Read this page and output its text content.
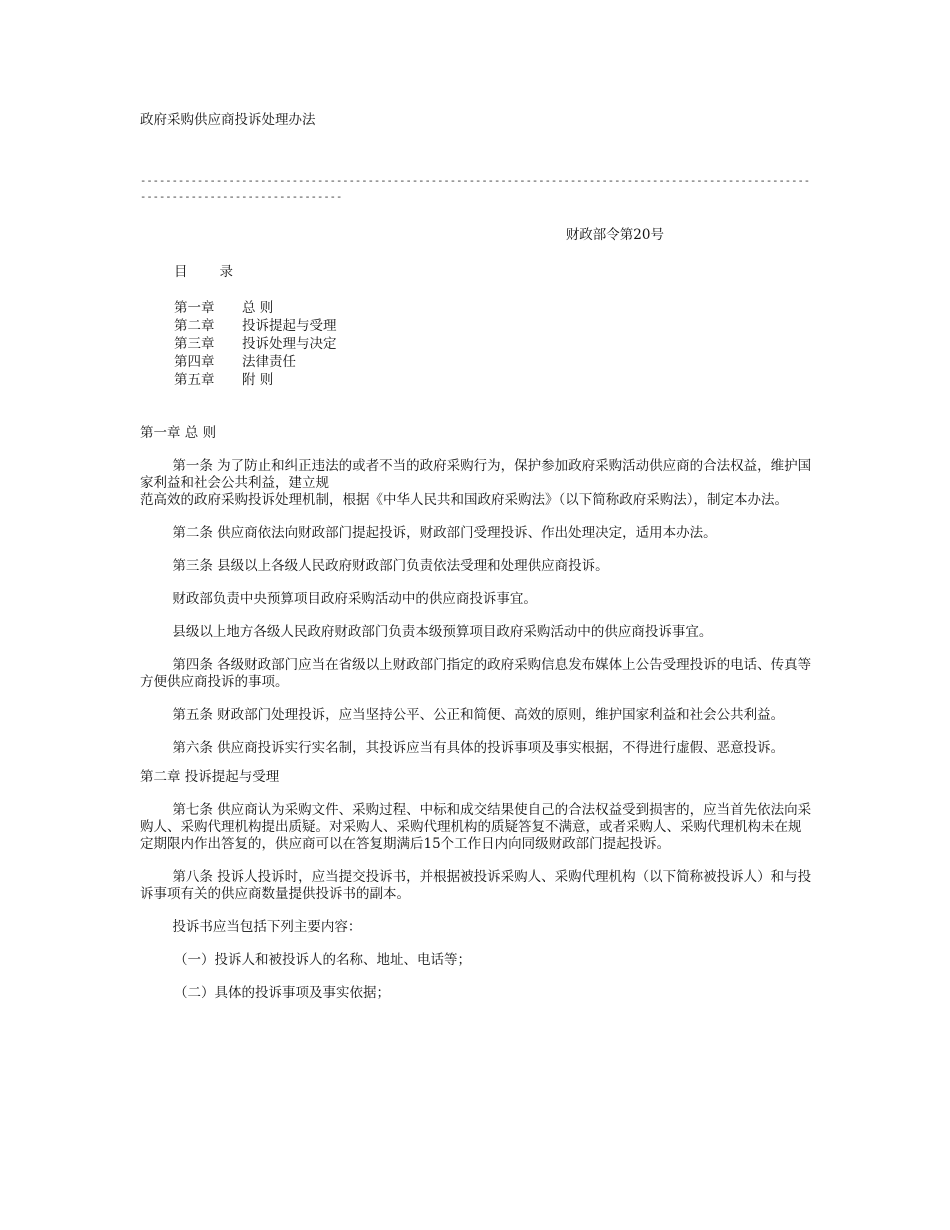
政府采购供应商投诉处理办法
------------------------------------------------------------------------------------------------------------------------------------------
财政部令第20号
目 录
第一章 总 则
第二章 投诉提起与受理
第三章 投诉处理与决定
第四章 法律责任
第五章 附 则
第一章 总 则

第一条 为了防止和纠正违法的或者不当的政府采购行为，保护参加政府采购活动供应商的合法权益，维护国家利益和社会公共利益，建立规

范高效的政府采购投诉处理机制，根据《中华人民共和国政府采购法》（以下简称政府采购法），制定本办法。

第二条 供应商依法向财政部门提起投诉，财政部门受理投诉、作出处理决定，适用本办法。

第三条 县级以上各级人民政府财政部门负责依法受理和处理供应商投诉。

财政部负责中央预算项目政府采购活动中的供应商投诉事宜。

县级以上地方各级人民政府财政部门负责本级预算项目政府采购活动中的供应商投诉事宜。

第四条 各级财政部门应当在省级以上财政部门指定的政府采购信息发布媒体上公告受理投诉的电话、传真等方便供应商投诉的事项。

第五条 财政部门处理投诉，应当坚持公平、公正和简便、高效的原则，维护国家利益和社会公共利益。

第六条 供应商投诉实行实名制，其投诉应当有具体的投诉事项及事实根据，不得进行虚假、恶意投诉。

第二章 投诉提起与受理

第七条 供应商认为采购文件、采购过程、中标和成交结果使自己的合法权益受到损害的，应当首先依法向采购人、采购代理机构提出质疑。对采购人、采购代理机构的质疑答复不满意，或者采购人、采购代理机构未在规定期限内作出答复的，供应商可以在答复期满后15个工作日内向同级财政部门提起投诉。

第八条 投诉人投诉时，应当提交投诉书，并根据被投诉采购人、采购代理机构（以下简称被投诉人）和与投诉事项有关的供应商数量提供投诉书的副本。

投诉书应当包括下列主要内容：

（一）投诉人和被投诉人的名称、地址、电话等；
（二）具体的投诉事项及事实依据；
